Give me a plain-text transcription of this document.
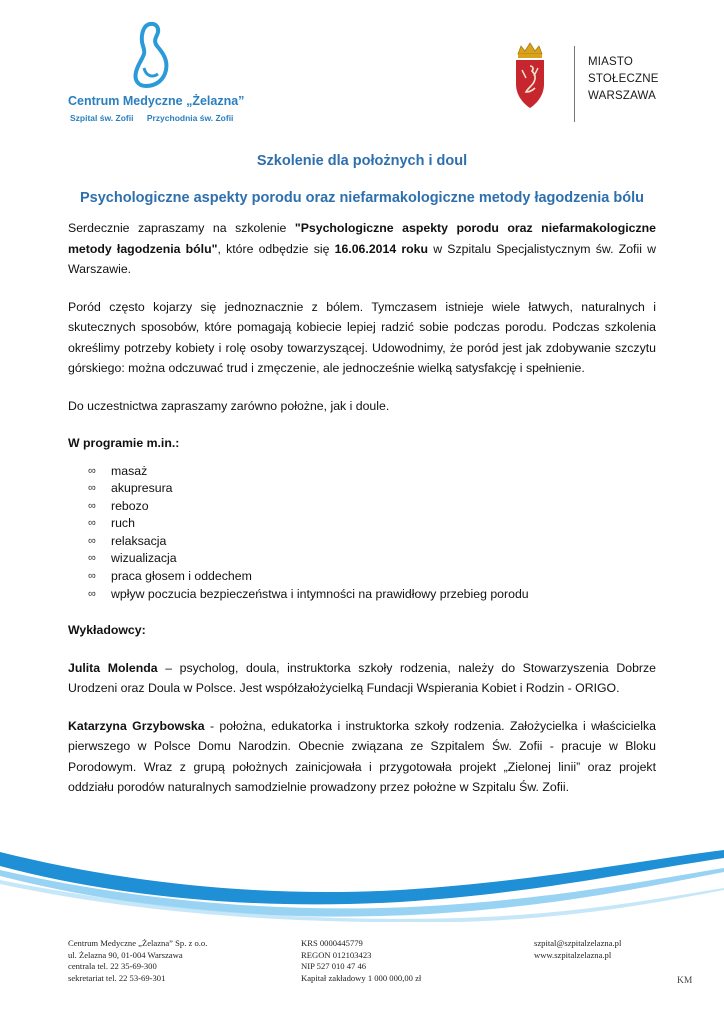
Centrum Medyczne „Żelazna”
Szpital św. Zofii Przychodnia św. Zofii
MIASTO
STOŁECZNE
WARSZAWA
Szkolenie dla położnych i doul
Psychologiczne aspekty porodu oraz niefarmakologiczne metody łagodzenia bólu

Serdecznie zapraszamy na szkolenie "Psychologiczne aspekty porodu oraz niefarmakologiczne metody łagodzenia bólu", które odbędzie się 16.06.2014 roku w Szpitalu Specjalistycznym św. Zofii w Warszawie.

Poród często kojarzy się jednoznacznie z bólem. Tymczasem istnieje wiele łatwych, naturalnych i skutecznych sposobów, które pomagają kobiecie lepiej radzić sobie podczas porodu. Podczas szkolenia określimy potrzeby kobiety i rolę osoby towarzyszącej. Udowodnimy, że poród jest jak zdobywanie szczytu górskiego: można odczuwać trud i zmęczenie, ale jednocześnie wielką satysfakcję i spełnienie.

Do uczestnictwa zapraszamy zarówno położne, jak i doule.

W programie m.in.:

∞ masaż
∞ akupresura
∞ rebozo
∞ ruch
∞ relaksacja
∞ wizualizacja
∞ praca głosem i oddechem
∞ wpływ poczucia bezpieczeństwa i intymności na prawidłowy przebieg porodu

Wykładowcy:

Julita Molenda – psycholog, doula, instruktorka szkoły rodzenia, należy do Stowarzyszenia Dobrze Urodzeni oraz Doula w Polsce. Jest współzałożycielką Fundacji Wspierania Kobiet i Rodzin - ORIGO.

Katarzyna Grzybowska - położna, edukatorka i instruktorka szkoły rodzenia. Założycielka i właścicielka pierwszego w Polsce Domu Narodzin. Obecnie związana ze Szpitalem Św. Zofii - pracuje w Bloku Porodowym. Wraz z grupą położnych zainicjowała i przygotowała projekt „Zielonej linii” oraz projekt oddziału porodów naturalnych samodzielnie prowadzony przez położne w Szpitalu Św. Zofii.

Centrum Medyczne „Żelazna” Sp. z o.o.
ul. Żelazna 90, 01-004 Warszawa
centrala tel. 22 35-69-300
sekretariat tel. 22 53-69-301
KRS 0000445779
REGON 012103423
NIP 527 010 47 46
Kapitał zakładowy 1 000 000,00 zł
szpital@szpitalzelazna.pl
www.szpitalzelazna.pl
KM
